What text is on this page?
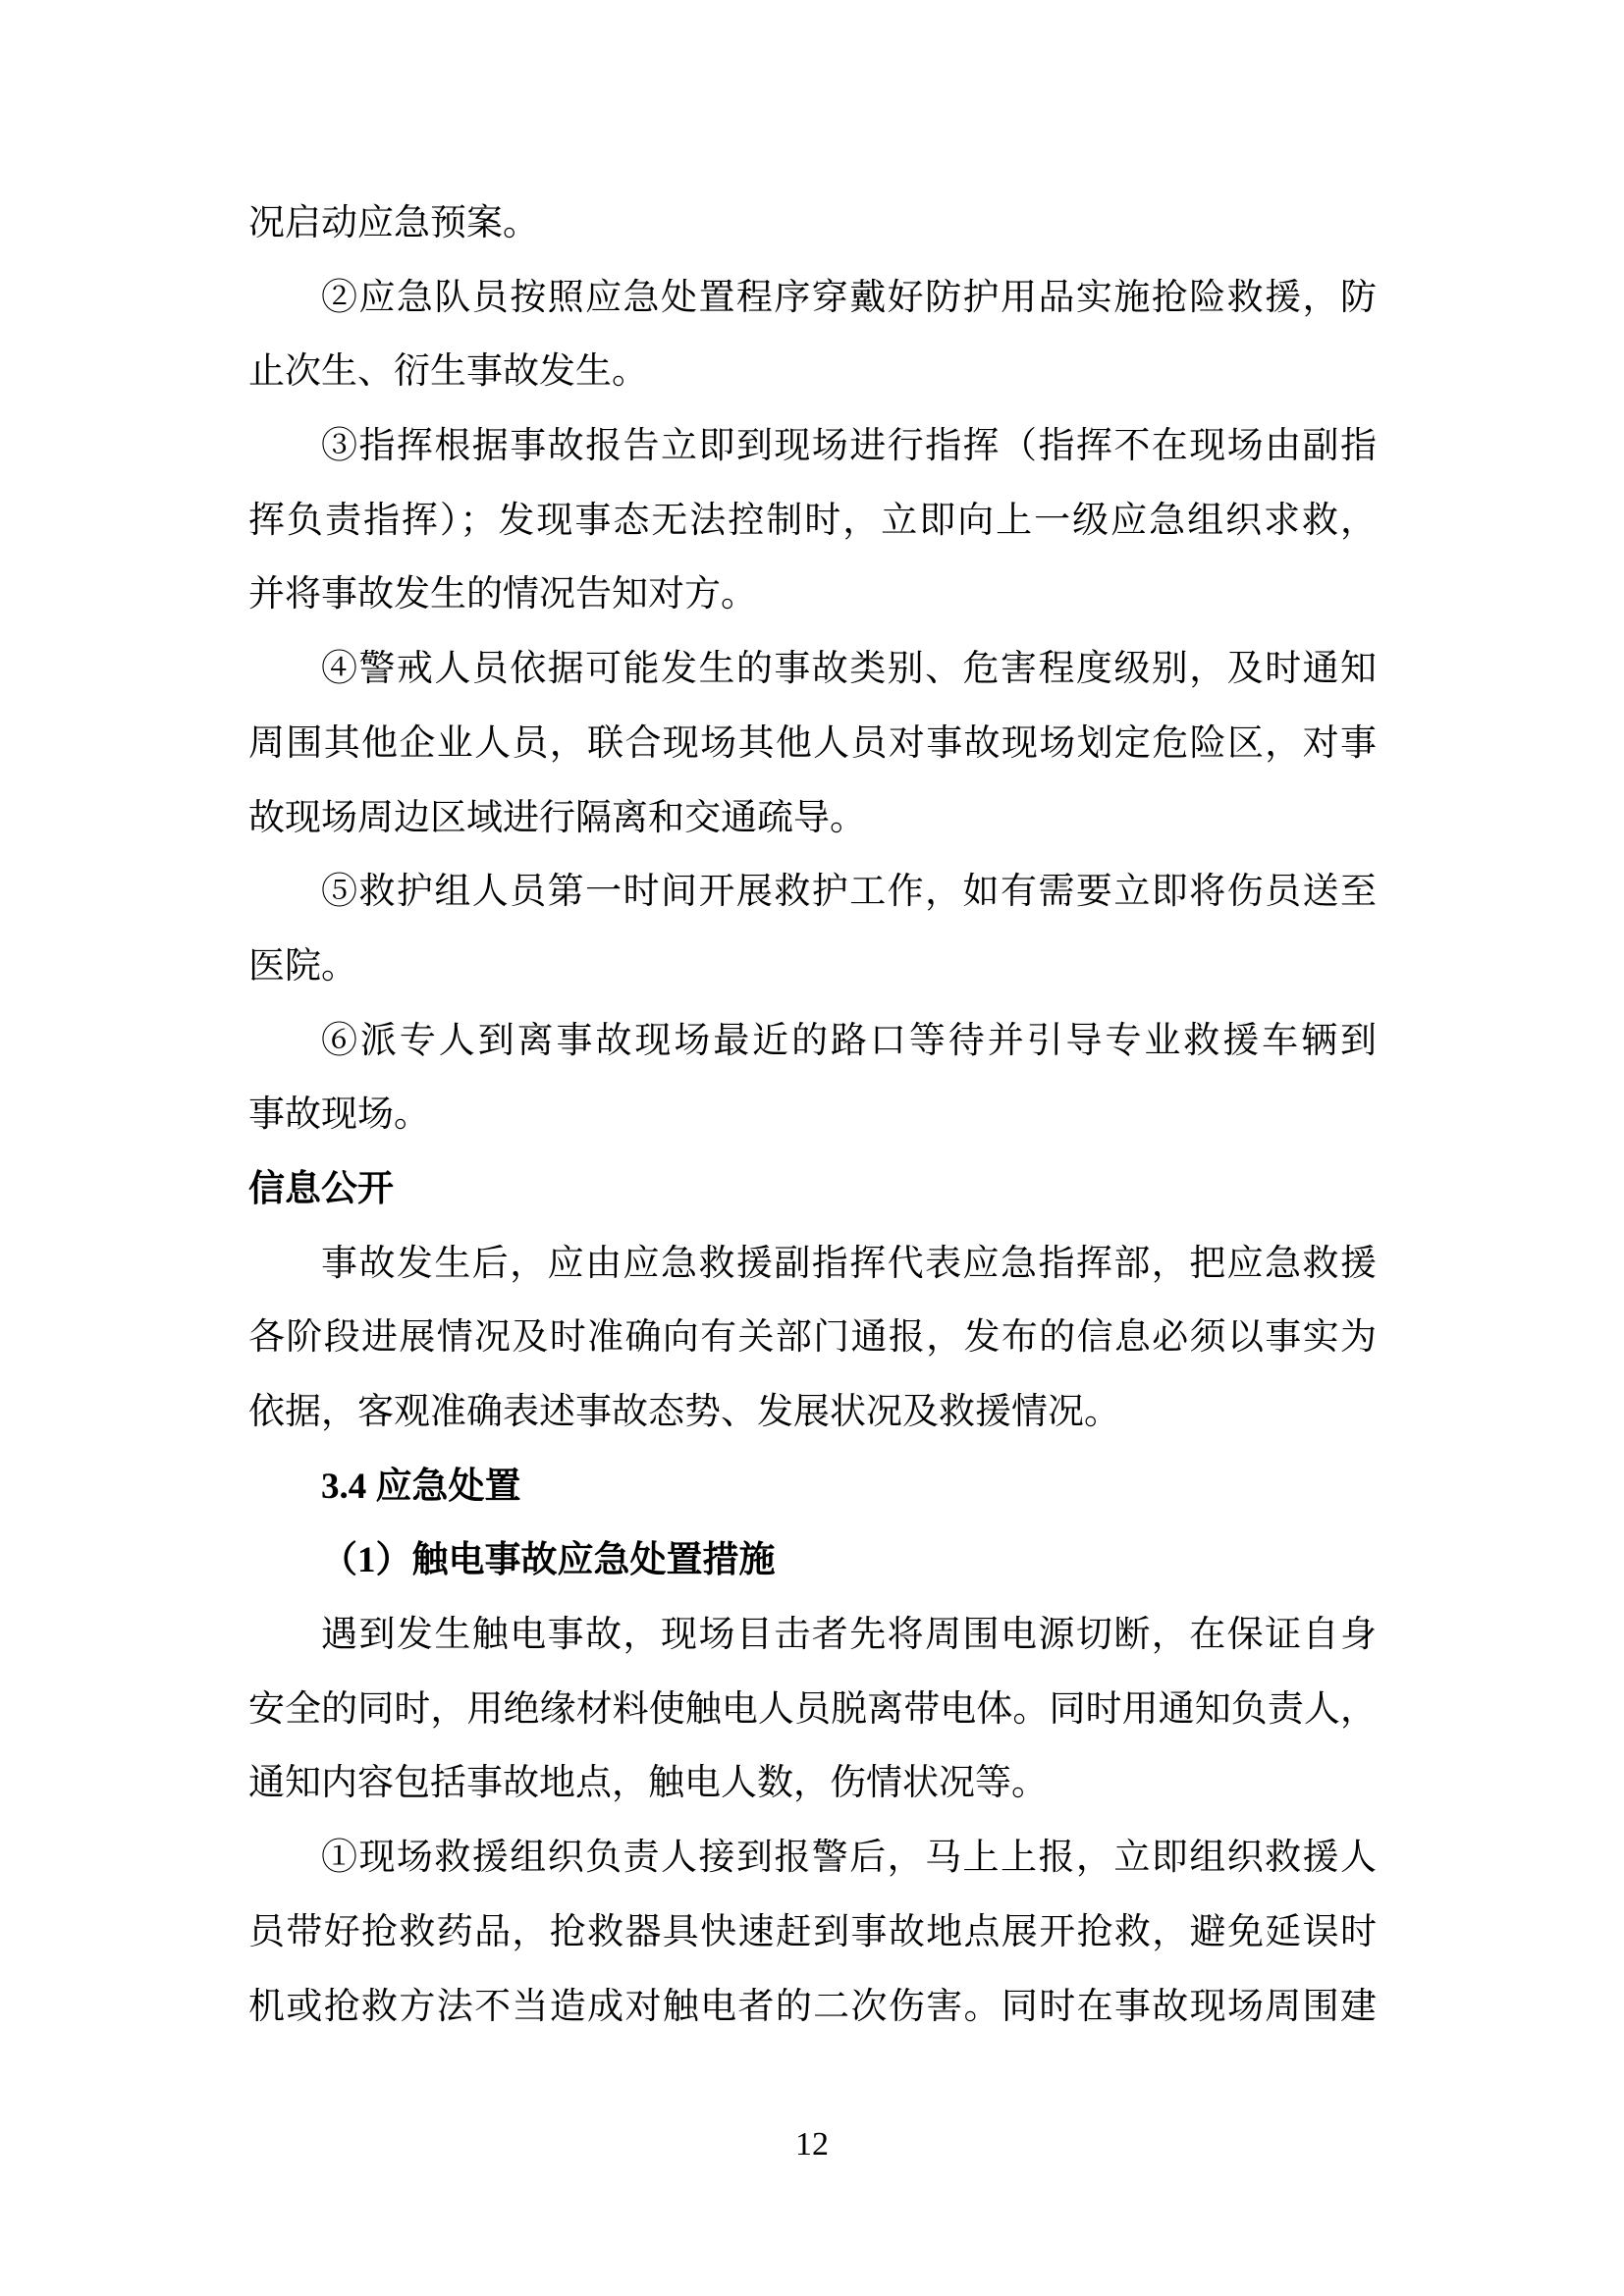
况启动应急预案。
②应急队员按照应急处置程序穿戴好防护用品实施抢险救援，防
止次生、衍生事故发生。
③指挥根据事故报告立即到现场进行指挥（指挥不在现场由副指
挥负责指挥）；发现事态无法控制时，立即向上一级应急组织求救，
并将事故发生的情况告知对方。
④警戒人员依据可能发生的事故类别、危害程度级别，及时通知
周围其他企业人员，联合现场其他人员对事故现场划定危险区，对事
故现场周边区域进行隔离和交通疏导。
⑤救护组人员第一时间开展救护工作，如有需要立即将伤员送至
医院。
⑥派专人到离事故现场最近的路口等待并引导专业救援车辆到
事故现场。
信息公开
事故发生后，应由应急救援副指挥代表应急指挥部，把应急救援
各阶段进展情况及时准确向有关部门通报，发布的信息必须以事实为
依据，客观准确表述事故态势、发展状况及救援情况。
3.4 应急处置
（1）触电事故应急处置措施
遇到发生触电事故，现场目击者先将周围电源切断，在保证自身
安全的同时，用绝缘材料使触电人员脱离带电体。同时用通知负责人，
通知内容包括事故地点，触电人数，伤情状况等。
①现场救援组织负责人接到报警后，马上上报，立即组织救援人
员带好抢救药品，抢救器具快速赶到事故地点展开抢救，避免延误时
机或抢救方法不当造成对触电者的二次伤害。同时在事故现场周围建
12
